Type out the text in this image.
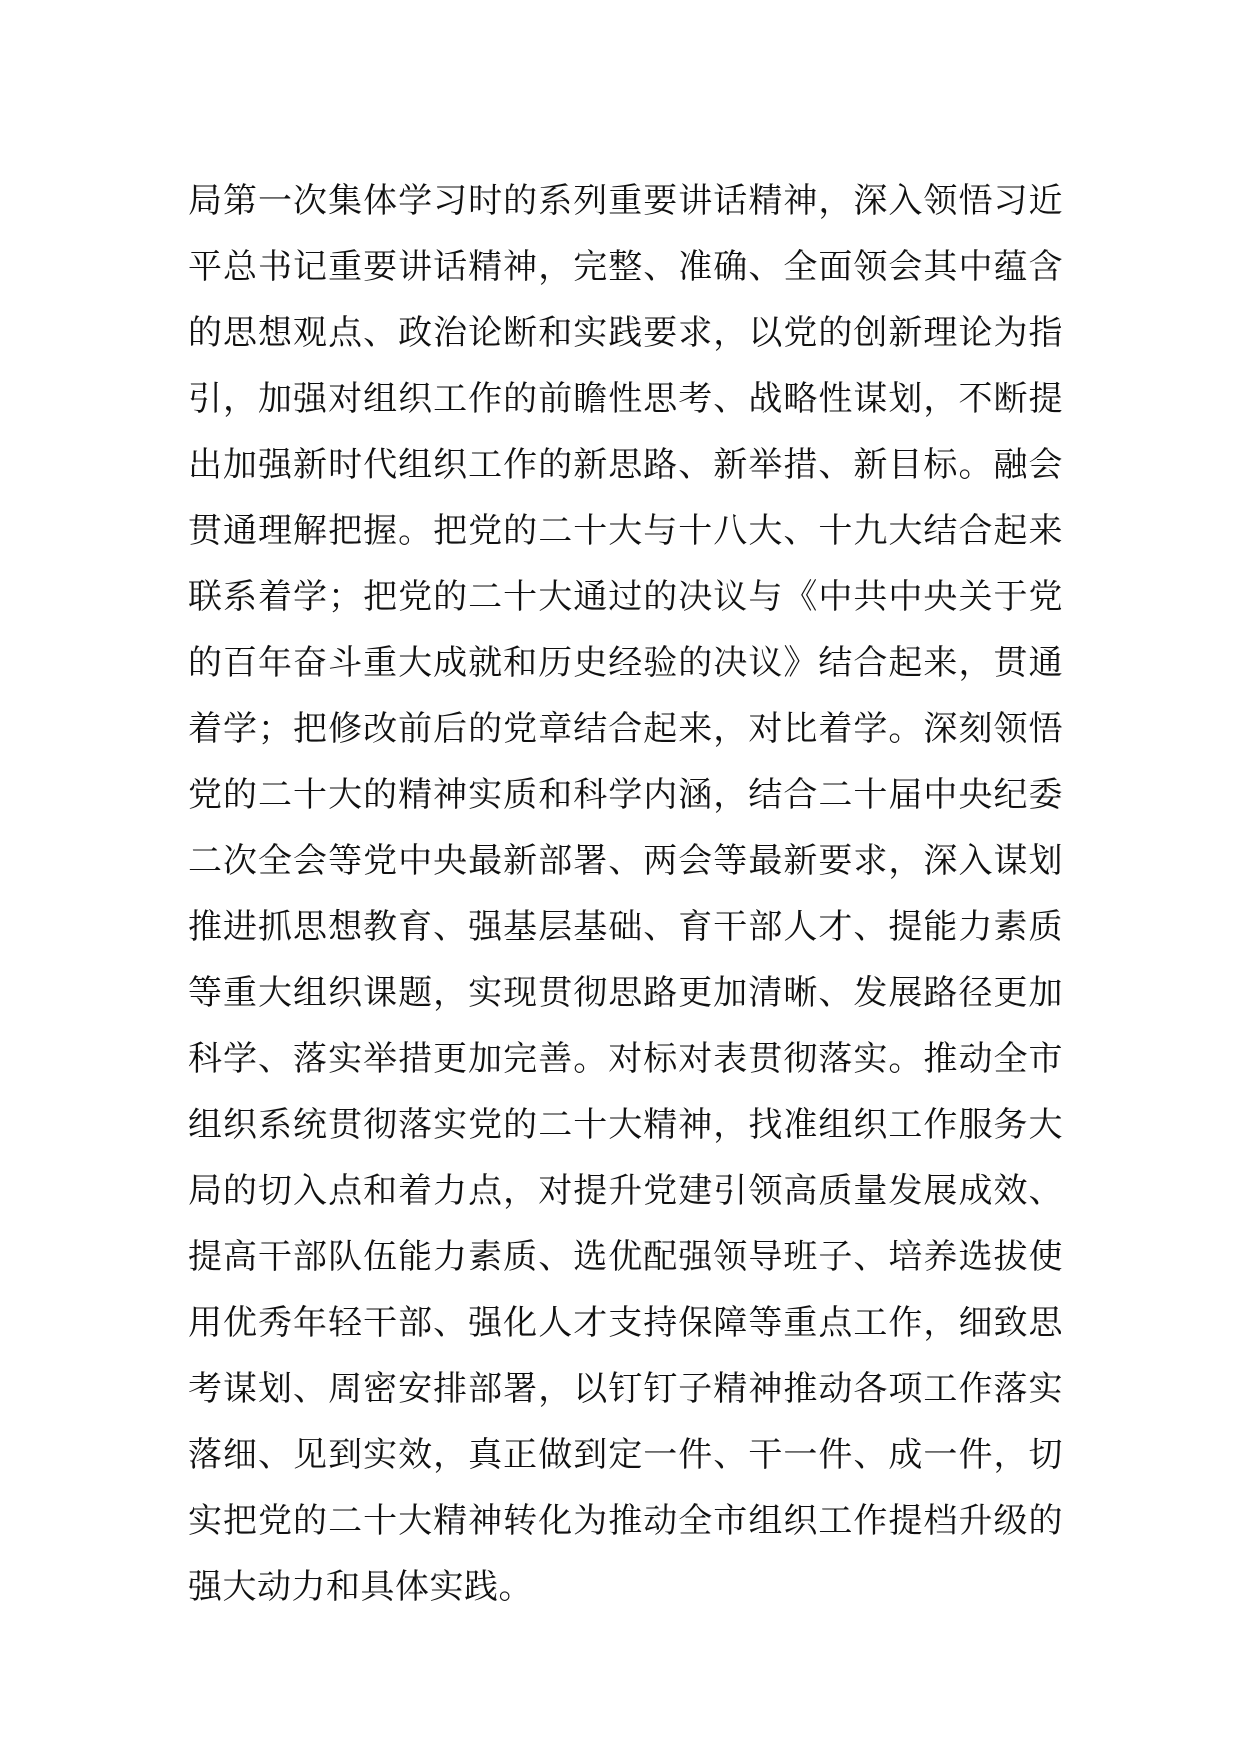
局第一次集体学习时的系列重要讲话精神，深入领悟习近
平总书记重要讲话精神，完整、准确、全面领会其中蕴含
的思想观点、政治论断和实践要求，以党的创新理论为指
引，加强对组织工作的前瞻性思考、战略性谋划，不断提
出加强新时代组织工作的新思路、新举措、新目标。融会
贯通理解把握。把党的二十大与十八大、十九大结合起来
联系着学；把党的二十大通过的决议与《中共中央关于党
的百年奋斗重大成就和历史经验的决议》结合起来，贯通
着学；把修改前后的党章结合起来，对比着学。深刻领悟
党的二十大的精神实质和科学内涵，结合二十届中央纪委
二次全会等党中央最新部署、两会等最新要求，深入谋划
推进抓思想教育、强基层基础、育干部人才、提能力素质
等重大组织课题，实现贯彻思路更加清晰、发展路径更加
科学、落实举措更加完善。对标对表贯彻落实。推动全市
组织系统贯彻落实党的二十大精神，找准组织工作服务大
局的切入点和着力点，对提升党建引领高质量发展成效、
提高干部队伍能力素质、选优配强领导班子、培养选拔使
用优秀年轻干部、强化人才支持保障等重点工作，细致思
考谋划、周密安排部署，以钉钉子精神推动各项工作落实
落细、见到实效，真正做到定一件、干一件、成一件，切
实把党的二十大精神转化为推动全市组织工作提档升级的
强大动力和具体实践。
